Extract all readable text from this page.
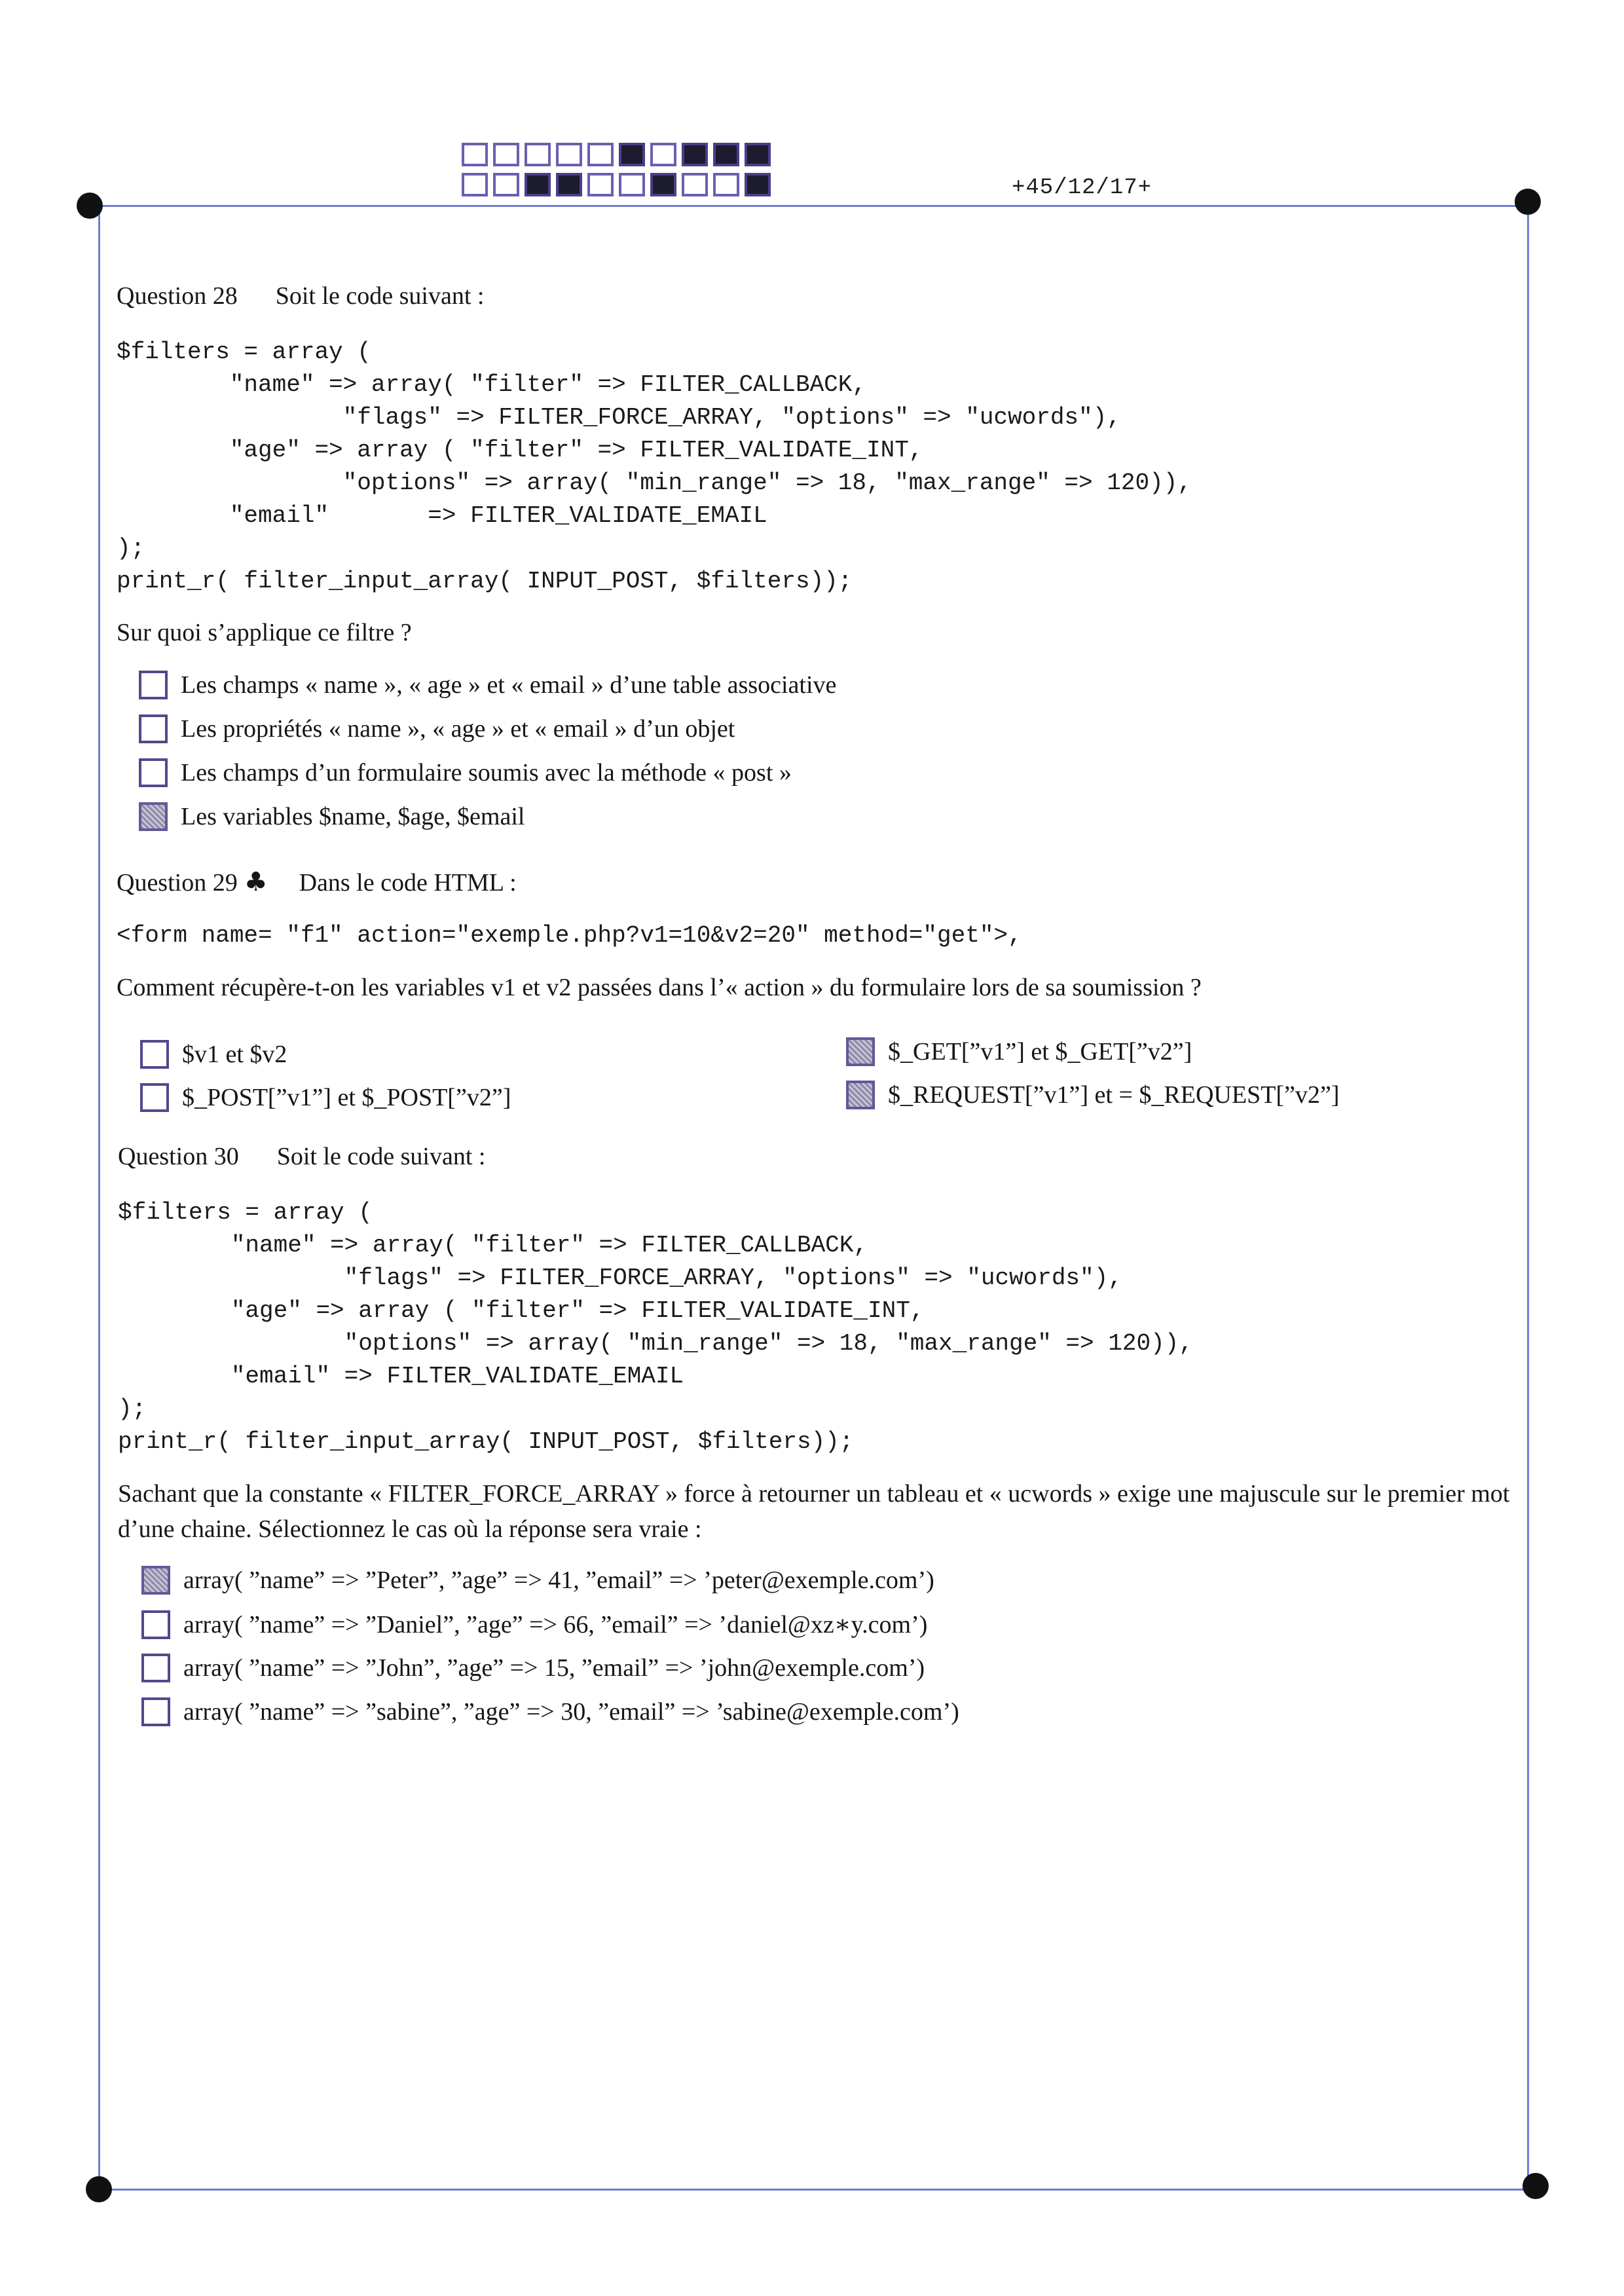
+45/12/17+
Question 28 Soit le code suivant :
$filters = array (
"name" => array( "filter" => FILTER_CALLBACK,
"flags" => FILTER_FORCE_ARRAY, "options" => "ucwords"),
"age" => array ( "filter" => FILTER_VALIDATE_INT,
"options" => array( "min_range" => 18, "max_range" => 120)),
"email"       => FILTER_VALIDATE_EMAIL
);
print_r( filter_input_array( INPUT_POST, $filters));
Sur quoi s’applique ce filtre ?
Les champs « name », « age » et « email » d’une table associative
Les propriétés « name », « age » et « email » d’un objet
Les champs d’un formulaire soumis avec la méthode « post »
Les variables $name, $age, $email
Question 29 ♣ Dans le code HTML :
<form name= "f1" action="exemple.php?v1=10&v2=20" method="get">,
Comment récupère-t-on les variables v1 et v2 passées dans l’« action » du formulaire lors de sa soumission ?
$v1 et $v2
$_POST[”v1”] et $_POST[”v2”]
$_GET[”v1”] et $_GET[”v2”]
$_REQUEST[”v1”] et = $_REQUEST[”v2”]
Question 30 Soit le code suivant :
$filters = array (
"name" => array( "filter" => FILTER_CALLBACK,
"flags" => FILTER_FORCE_ARRAY, "options" => "ucwords"),
"age" => array ( "filter" => FILTER_VALIDATE_INT,
"options" => array( "min_range" => 18, "max_range" => 120)),
"email" => FILTER_VALIDATE_EMAIL
);
print_r( filter_input_array( INPUT_POST, $filters));
Sachant que la constante « FILTER_FORCE_ARRAY » force à retourner un tableau et « ucwords » exige une majuscule sur le premier mot d’une chaine. Sélectionnez le cas où la réponse sera vraie :
array( ”name” => ”Peter”, ”age” => 41, ”email” => ’peter@exemple.com’)
array( ”name” => ”Daniel”, ”age” => 66, ”email” => ’daniel@xz∗y.com’)
array( ”name” => ”John”, ”age” => 15, ”email” => ’john@exemple.com’)
array( ”name” => ”sabine”, ”age” => 30, ”email” => ’sabine@exemple.com’)
